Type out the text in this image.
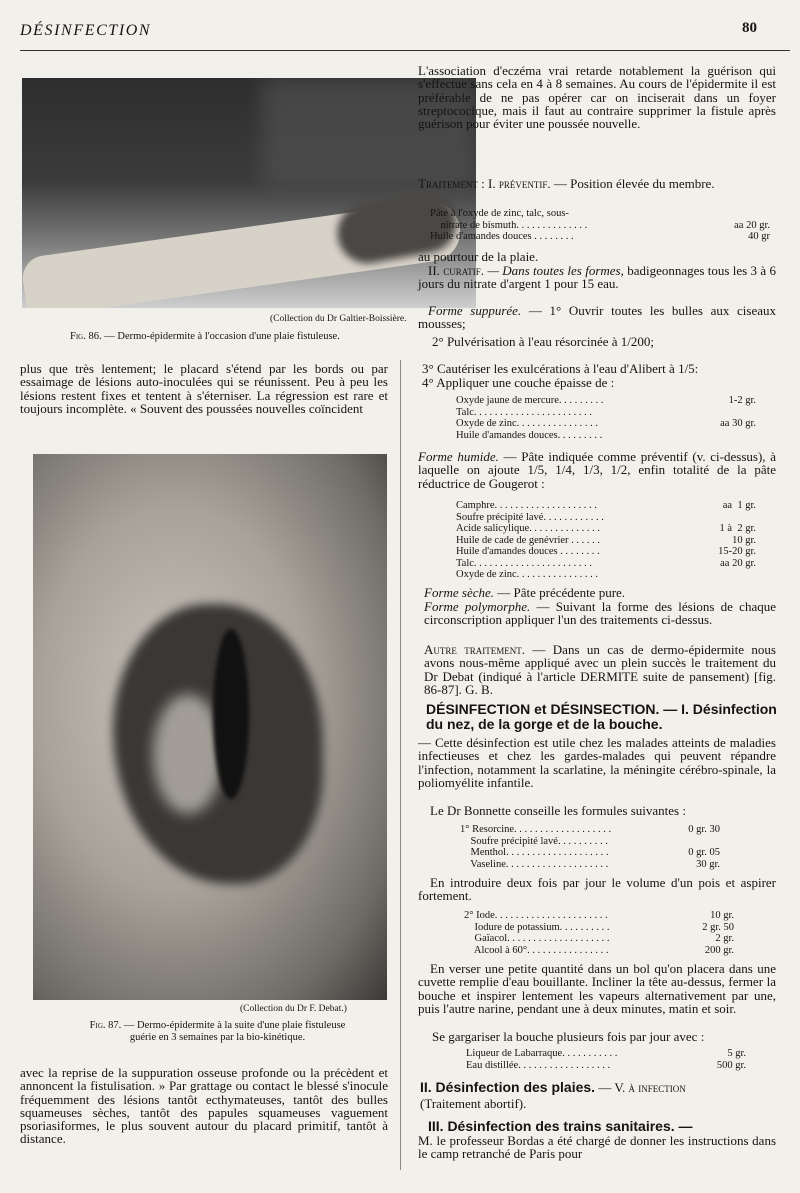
DÉSINFECTION	80
(Collection du Dr Galtier-Boissière.
Fig. 86. — Dermo-épidermite à l'occasion d'une plaie fistuleuse.
plus que très lentement; le placard s'étend par les bords ou par essaimage de lésions auto-inoculées qui se réunissent. Peu à peu les lésions restent fixes et tentent à s'éterniser. La régression est rare et toujours incomplète. « Souvent des poussées nouvelles coïncident
(Collection du Dr F. Debat.)
Fig. 87. — Dermo-épidermite à la suite d'une plaie fistuleuse
guérie en 3 semaines par la bio-kinétique.
avec la reprise de la suppuration osseuse profonde ou la précèdent et annoncent la fistulisation. » Par grattage ou contact le blessé s'inocule fréquemment des lésions tantôt ecthymateuses, tantôt des bulles squameuses sèches, tantôt des papules squameuses vaguement psoriasiformes, le plus souvent autour du placard primitif, tantôt à distance.
L'association d'eczéma vrai retarde notablement la guérison qui s'effectue sans cela en 4 à 8 semaines. Au cours de l'épidermite il est préférable de ne pas opérer car on inciserait dans un foyer streptococique, mais il faut au contraire supprimer la fistule après guérison pour éviter une poussée nouvelle.
Traitement : I. préventif. — Position élevée du membre.
Pâte à l'oxyde de zinc, talc, sous-
nitrate de bismuth. . . . . . . . . . . . . .	aa 20 gr.
Huile d'amandes douces . . . . . . . .	40 gr
au pourtour de la plaie.
II. curatif. — Dans toutes les formes, badigeonnages tous les 3 à 6 jours du nitrate d'argent 1 pour 15 eau.
Forme suppurée. — 1° Ouvrir toutes les bulles aux ciseaux mousses;
2° Pulvérisation à l'eau résorcinée à 1/200;
3° Cautériser les exulcérations à l'eau d'Alibert à 1/5:
4° Appliquer une couche épaisse de :
Oxyde jaune de mercure. . . . . . . . .	1-2 gr.
Talc. . . . . . . . . . . . . . . . . . . . . . .
Oxyde de zinc. . . . . . . . . . . . . . . .	aa 30 gr.
Huile d'amandes douces. . . . . . . . .
Forme humide. — Pâte indiquée comme préventif (v. ci-dessus), à laquelle on ajoute 1/5, 1/4, 1/3, 1/2, enfin totalité de la pâte réductrice de Gougerot :
Camphre. . . . . . . . . . . . . . . . . . . .	aa  1 gr.
Soufre précipité lavé. . . . . . . . . . . .
Acide salicylique. . . . . . . . . . . . . .	1 à  2 gr.
Huile de cade de genévrier . . . . . .	10 gr.
Huile d'amandes douces . . . . . . . .	15-20 gr.
Talc. . . . . . . . . . . . . . . . . . . . . . .	aa 20 gr.
Oxyde de zinc. . . . . . . . . . . . . . . .
Forme sèche. — Pâte précédente pure.
Forme polymorphe. — Suivant la forme des lésions de chaque circonscription appliquer l'un des traitements ci-dessus.
Autre traitement. — Dans un cas de dermo-épidermite nous avons nous-même appliqué avec un plein succès le traitement du Dr Debat (indiqué à l'article DERMITE suite de pansement) [fig. 86-87]. G. B.
DÉSINFECTION et DÉSINSECTION. — I. Désinfection du nez, de la gorge et de la bouche.
— Cette désinfection est utile chez les malades atteints de maladies infectieuses et chez les gardes-malades qui peuvent répandre l'infection, notamment la scarlatine, la méningite cérébro-spinale, la poliomyélite infantile.
Le Dr Bonnette conseille les formules suivantes :
1° Resorcine. . . . . . . . . . . . . . . . . . .	0 gr. 30
Soufre précipité lavé. . . . . . . . . .
Menthol. . . . . . . . . . . . . . . . . . . .	0 gr. 05
Vaseline. . . . . . . . . . . . . . . . . . . .	30 gr.
En introduire deux fois par jour le volume d'un pois et aspirer fortement.
2° Iode. . . . . . . . . . . . . . . . . . . . . .	10 gr.
Iodure de potassium. . . . . . . . . .	2 gr. 50
Gaïacol. . . . . . . . . . . . . . . . . . . .	2 gr.
Alcool à 60°. . . . . . . . . . . . . . . .	200 gr.
En verser une petite quantité dans un bol qu'on placera dans une cuvette remplie d'eau bouillante. Incliner la tête au-dessus, fermer la bouche et inspirer lentement les vapeurs alternativement par une, puis l'autre narine, pendant une à deux minutes, matin et soir.
Se gargariser la bouche plusieurs fois par jour avec :
Liqueur de Labarraque. . . . . . . . . . .	5 gr.
Eau distillée. . . . . . . . . . . . . . . . . .	500 gr.
II. Désinfection des plaies. — V. à infection
(Traitement abortif).
III. Désinfection des trains sanitaires. —
M. le professeur Bordas a été chargé de donner les instructions dans le camp retranché de Paris pour
